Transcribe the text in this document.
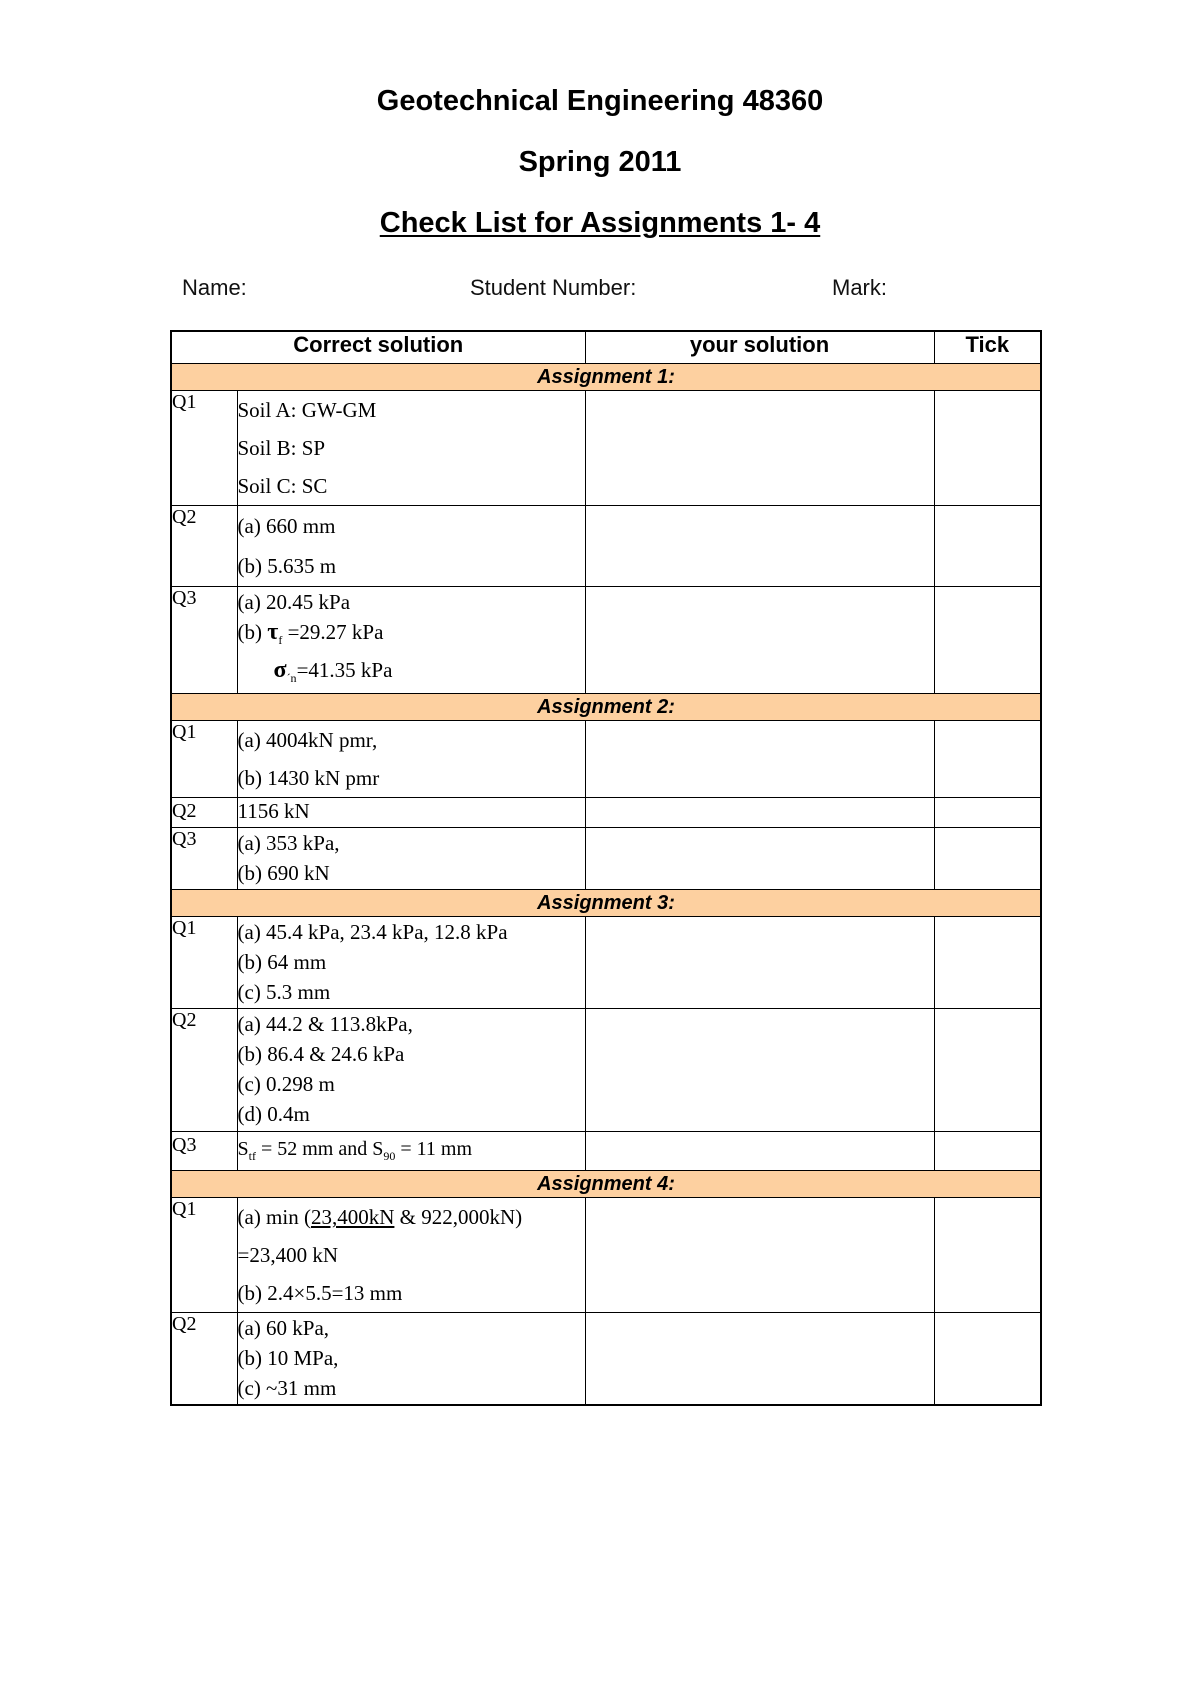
Geotechnical Engineering 48360
Spring 2011
Check List for Assignments 1- 4
Name:	Student Number:	Mark:
Correct solution		your solution	Tick
Assignment 1:			
Q1	Soil A: GW-GM
Soil B: SP
Soil C: SC		

Q2	(a) 660 mm
(b) 5.635 m		

Q3	(a) 20.45 kPa
(b) $\tau_f =29.27$ kPa
$\sigma_{´n}=41.35$ kPa		

Assignment 2:			
Q1	(a) 4004kN pmr,
(b) 1430 kN pmr		

Q2	1156 kN		

Q3	(a) 353 kPa,
(b) 690 kN		

Assignment 3:			
Q1	(a) 45.4 kPa, 23.4 kPa, 12.8 kPa
(b) 64 mm
(c) 5.3 mm		

Q2	(a) 44.2 & 113.8kPa,
(b) 86.4 & 24.6 kPa
(c) 0.298 m
(d) 0.4m		

Q3	$S_{tf} = 52$ mm and $S_{90} = 11$ mm		

Assignment 4:			
Q1	(a) min (23,400kN & 922,000kN)
=23,400 kN
(b) 2.4×5.5=13 mm		

Q2	(a) 60 kPa,
(b) 10 MPa,
(c) ~31 mm		
